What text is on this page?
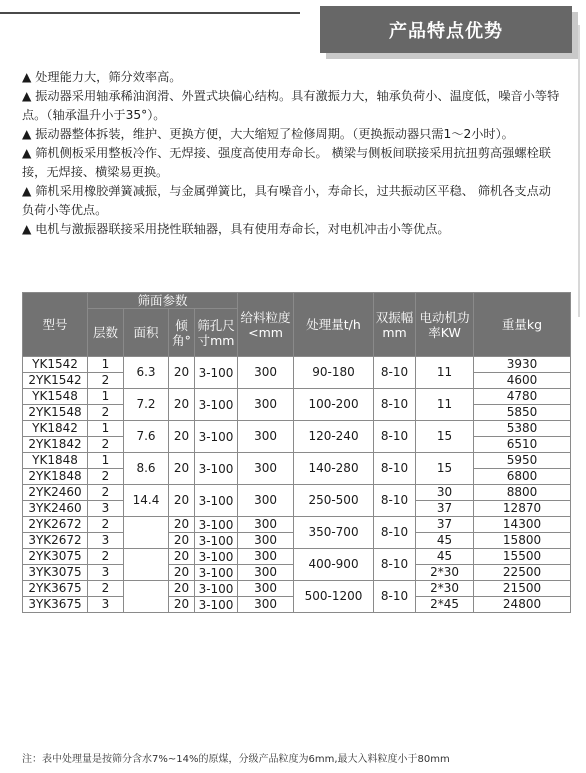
产品特点优势

▲ 处理能力大，筛分效率高。

▲ 振动器采用轴承稀油润滑、外置式块偏心结构。具有激振力大，轴承负荷小、温度低，噪音小等特点。（轴承温升小于35°）。

▲ 振动器整体拆装，维护、更换方便，大大缩短了检修周期。（更换振动器只需1～2小时）。

▲ 筛机侧板采用整板冷作、无焊接、强度高使用寿命长。 横梁与侧板间联接采用抗扭剪高强螺栓联接，无焊接、横梁易更换。

▲ 筛机采用橡胶弹簧减振，与金属弹簧比，具有噪音小，寿命长，过共振动区平稳、 筛机各支点动负荷小等优点。

▲ 电机与激振器联接采用挠性联轴器，具有使用寿命长，对电机冲击小等优点。

型号	筛面参数				给料粒度<mm	处理量t/h	双振幅mm	电动机功率KW	重量kg
	层数	面积	倾角°	筛孔尺寸mm					
YK1542	1	6.3	20	3-100	300	90-180	8-10	11	3930
2YK1542	2								4600
YK1548	1	7.2	20	3-100	300	100-200	8-10	11	4780
2YK1548	2								5850
YK1842	1	7.6	20	3-100	300	120-240	8-10	15	5380
2YK1842	2								6510
YK1848	1	8.6	20	3-100	300	140-280	8-10	15	5950
2YK1848	2								6800
2YK2460	2	14.4	20	3-100	300	250-500	8-10	30	8800
3YK2460	3							37	12870
2YK2672	2		20	3-100	300	350-700	8-10	37	14300
3YK2672	3		20	3-100	300			45	15800
2YK3075	2		20	3-100	300	400-900	8-10	45	15500
3YK3075	3		20	3-100	300			2*30	22500
2YK3675	2		20	3-100	300	500-1200	8-10	2*30	21500
3YK3675	3		20	3-100	300			2*45	24800
注：表中处理量是按筛分含水7%~14%的原煤，分级产品粒度为6mm,最大入料粒度小于80mm
